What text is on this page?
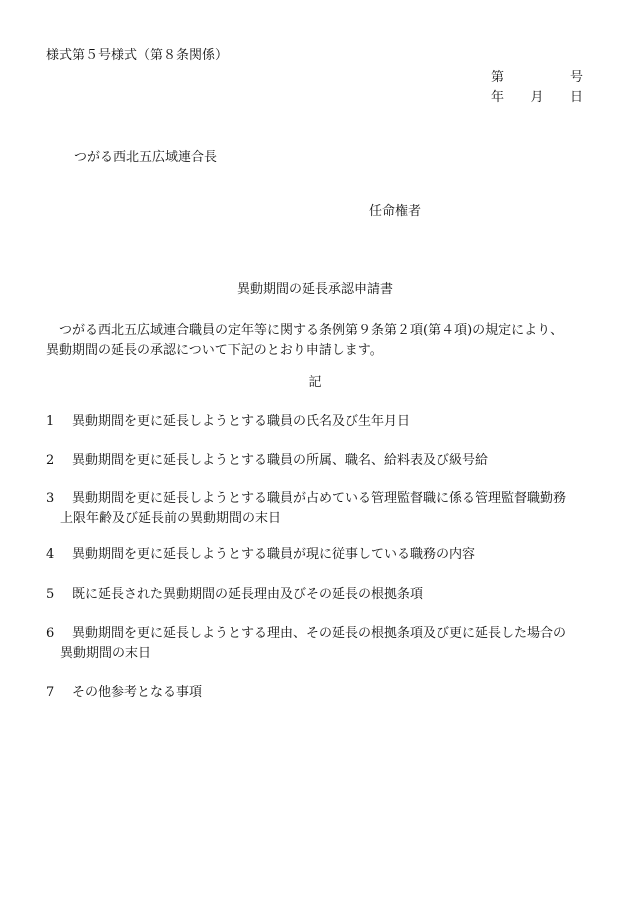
様式第５号様式（第８条関係）
第	号
年 月 日
つがる西北五広域連合長
任命権者
異動期間の延長承認申請書
つがる西北五広域連合職員の定年等に関する条例第９条第２項(第４項)の規定により、
異動期間の延長の承認について下記のとおり申請します。
記
1 異動期間を更に延長しようとする職員の氏名及び生年月日
2 異動期間を更に延長しようとする職員の所属、職名、給料表及び級号給
3 異動期間を更に延長しようとする職員が占めている管理監督職に係る管理監督職勤務
上限年齢及び延長前の異動期間の末日
4 異動期間を更に延長しようとする職員が現に従事している職務の内容
5 既に延長された異動期間の延長理由及びその延長の根拠条項
6 異動期間を更に延長しようとする理由、その延長の根拠条項及び更に延長した場合の
異動期間の末日
7 その他参考となる事項
